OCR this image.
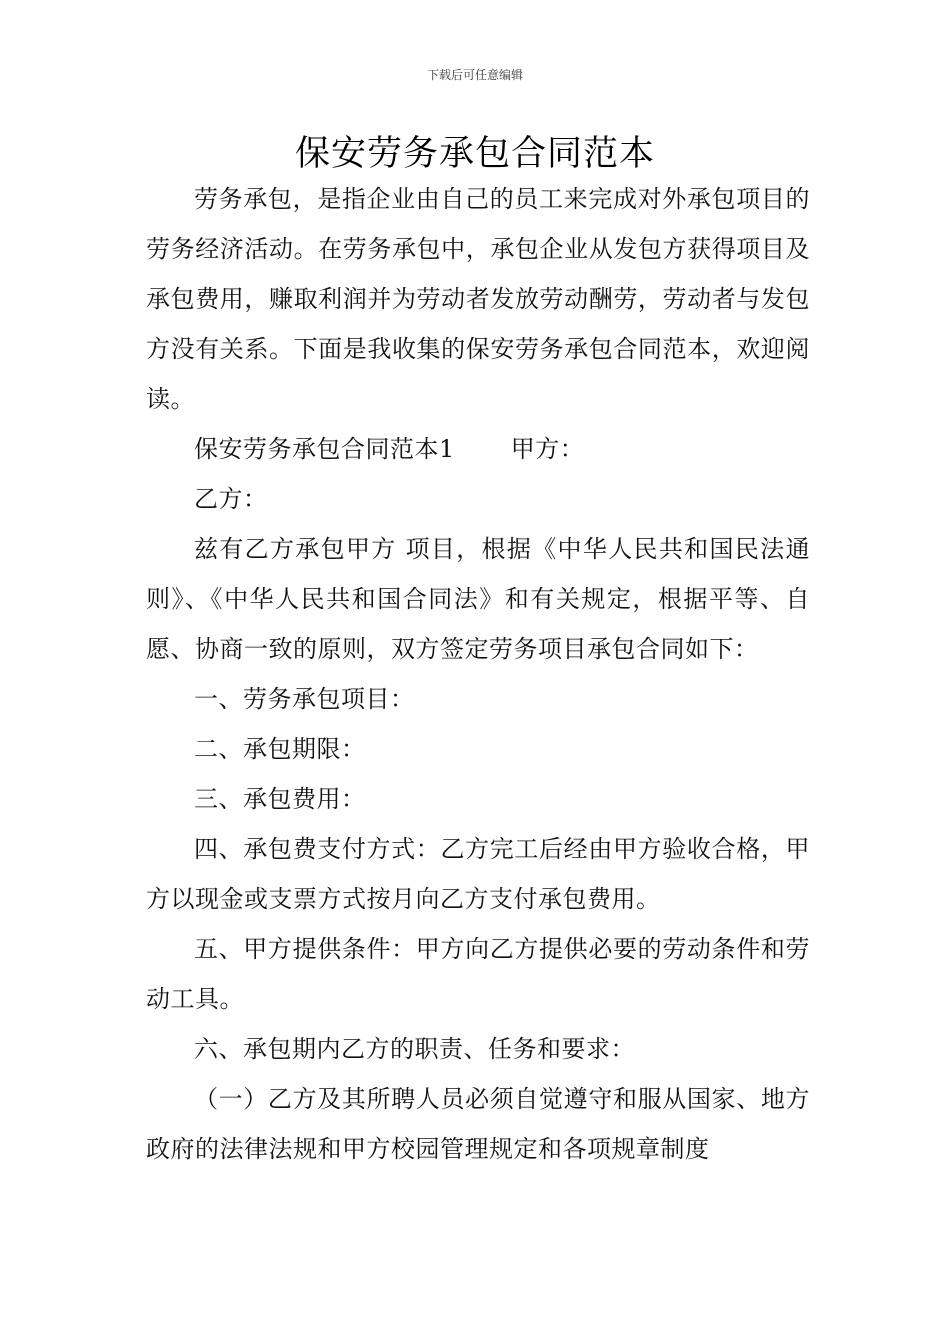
下载后可任意编辑
保安劳务承包合同范本

劳务承包，是指企业由自己的员工来完成对外承包项目的劳务经济活动。在劳务承包中，承包企业从发包方获得项目及承包费用，赚取利润并为劳动者发放劳动酬劳，劳动者与发包方没有关系。下面是我收集的保安劳务承包合同范本，欢迎阅读。

保安劳务承包合同范本1 甲方：

乙方：

兹有乙方承包甲方 项目，根据《中华人民共和国民法通则》、《中华人民共和国合同法》和有关规定，根据平等、自愿、协商一致的原则，双方签定劳务项目承包合同如下：

一、劳务承包项目：

二、承包期限：

三、承包费用：

四、承包费支付方式：乙方完工后经由甲方验收合格，甲方以现金或支票方式按月向乙方支付承包费用。

五、甲方提供条件：甲方向乙方提供必要的劳动条件和劳动工具。

六、承包期内乙方的职责、任务和要求：

（一）乙方及其所聘人员必须自觉遵守和服从国家、地方政府的法律法规和甲方校园管理规定和各项规章制度
